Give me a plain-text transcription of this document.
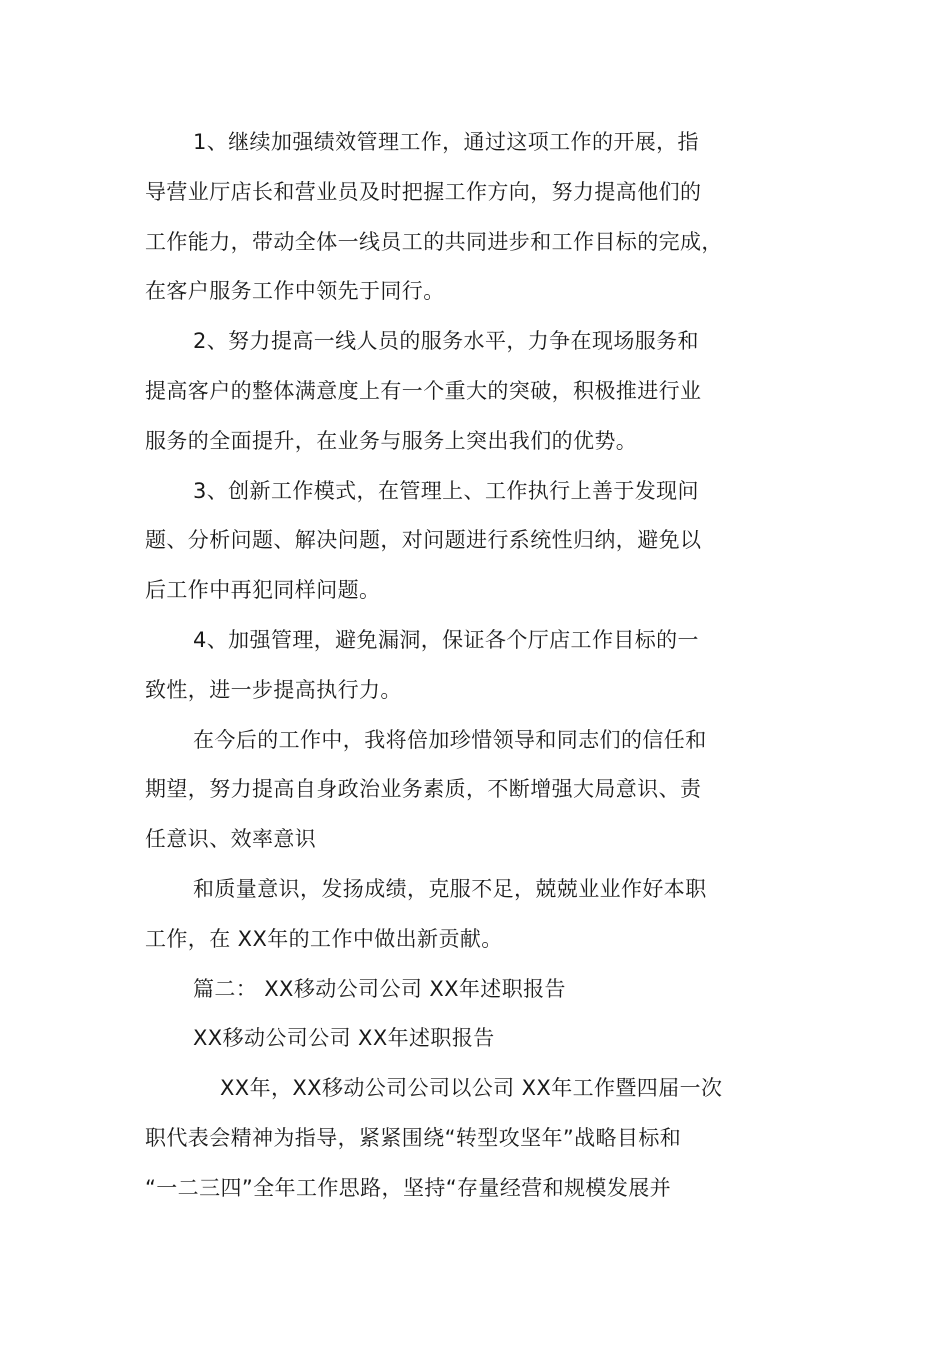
1、继续加强绩效管理工作，通过这项工作的开展，指
导营业厅店长和营业员及时把握工作方向，努力提高他们的
工作能力，带动全体一线员工的共同进步和工作目标的完成，
在客户服务工作中领先于同行。
2、努力提高一线人员的服务水平，力争在现场服务和
提高客户的整体满意度上有一个重大的突破，积极推进行业
服务的全面提升，在业务与服务上突出我们的优势。
3、创新工作模式，在管理上、工作执行上善于发现问
题、分析问题、解决问题，对问题进行系统性归纳，避免以
后工作中再犯同样问题。
4、加强管理，避免漏洞，保证各个厅店工作目标的一
致性，进一步提高执行力。
在今后的工作中，我将倍加珍惜领导和同志们的信任和
期望，努力提高自身政治业务素质，不断增强大局意识、责
任意识、效率意识
和质量意识，发扬成绩，克服不足，兢兢业业作好本职
工作，在 XX年的工作中做出新贡献。
篇二： XX移动公司公司 XX年述职报告
XX移动公司公司 XX年述职报告
XX年，XX移动公司公司以公司 XX年工作暨四届一次
职代表会精神为指导，紧紧围绕“转型攻坚年”战略目标和
“一二三四”全年工作思路，坚持“存量经营和规模发展并
